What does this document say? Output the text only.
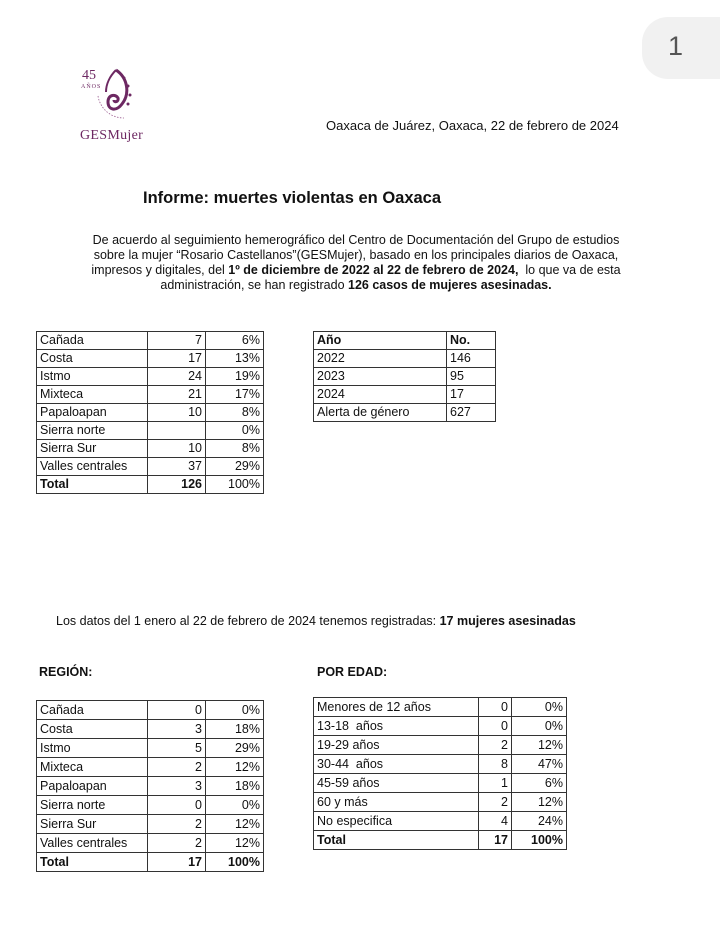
1
45
AÑOS
GESMujer
Oaxaca de Juárez, Oaxaca, 22 de febrero de 2024
Informe: muertes violentas en Oaxaca
De acuerdo al seguimiento hemerográfico del Centro de Documentación del Grupo de estudios
sobre la mujer “Rosario Castellanos”(GESMujer), basado en los principales diarios de Oaxaca,
impresos y digitales, del 1º de diciembre de 2022 al 22 de febrero de 2024,  lo que va de esta
administración, se han registrado 126 casos de mujeres asesinadas.
Cañada	7	6%
Costa	17	13%
Istmo	24	19%
Mixteca	21	17%
Papaloapan	10	8%
Sierra norte		0%
Sierra Sur	10	8%
Valles centrales	37	29%
Total	126	100%
Año	No.
2022	146
2023	95
2024	17
Alerta de género	627
Los datos del 1 enero al 22 de febrero de 2024 tenemos registradas: 17 mujeres asesinadas
REGIÓN:	POR EDAD:
Cañada	0	0%
Costa	3	18%
Istmo	5	29%
Mixteca	2	12%
Papaloapan	3	18%
Sierra norte	0	0%
Sierra Sur	2	12%
Valles centrales	2	12%
Total	17	100%
Menores de 12 años	0	0%
13-18  años	0	0%
19-29 años	2	12%
30-44  años	8	47%
45-59 años	1	6%
60 y más	2	12%
No especifica	4	24%
Total	17	100%
